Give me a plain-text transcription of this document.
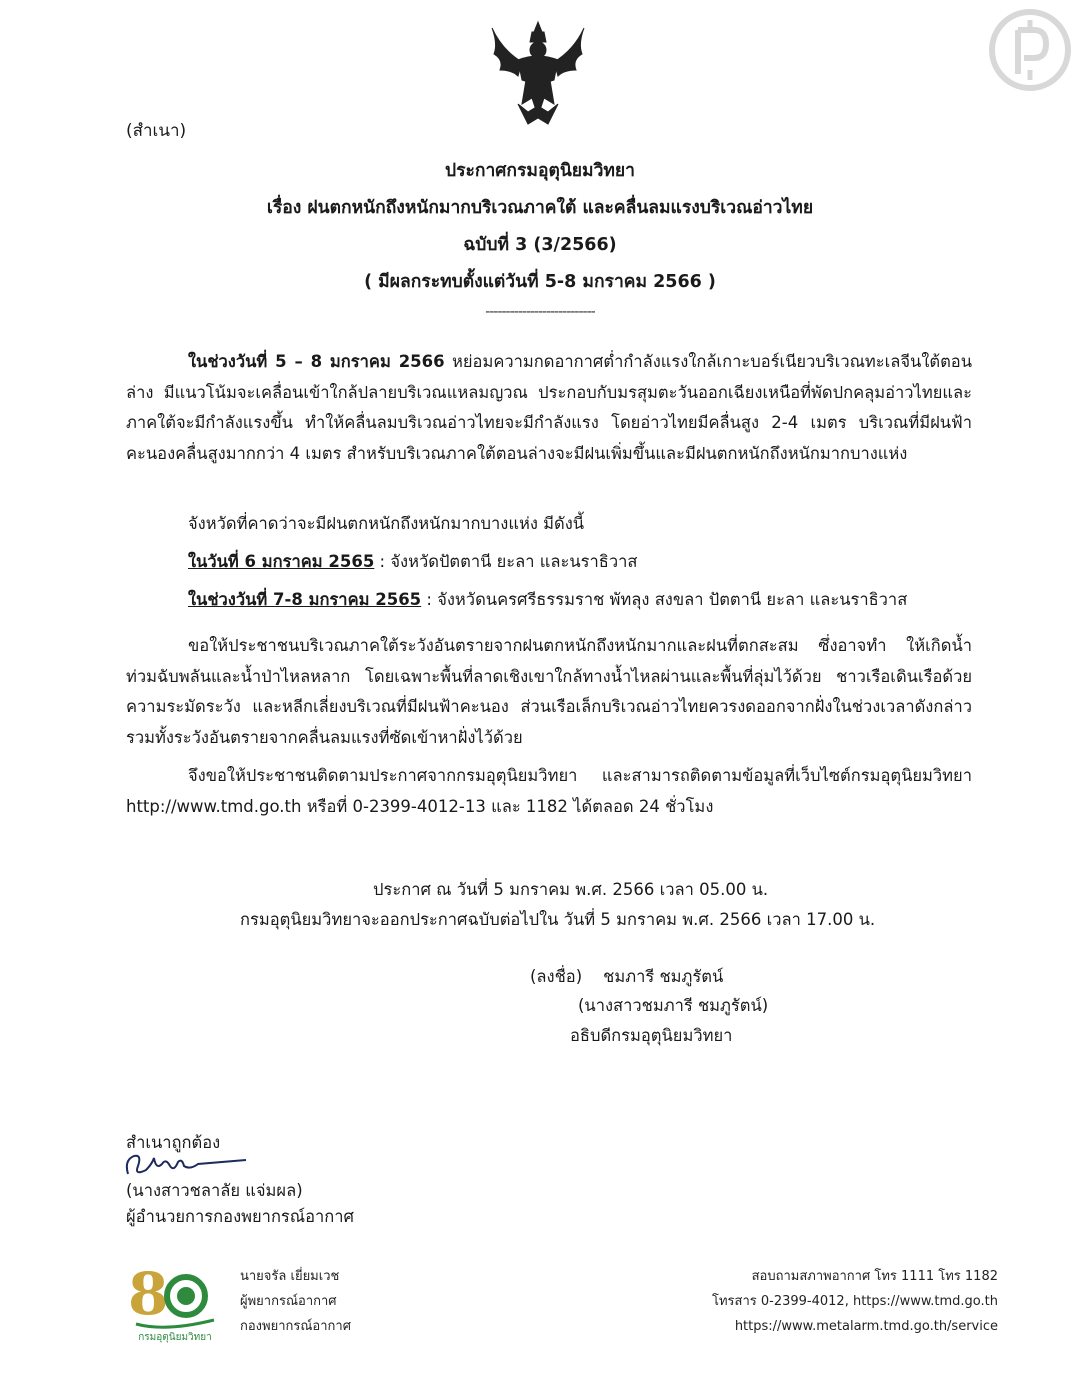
(สำเนา)
ประกาศกรมอุตุนิยมวิทยา
เรื่อง ฝนตกหนักถึงหนักมากบริเวณภาคใต้ และคลื่นลมแรงบริเวณอ่าวไทย
ฉบับที่ 3 (3/2566)
( มีผลกระทบตั้งแต่วันที่ 5-8 มกราคม 2566 )
---------------------------
ในช่วงวันที่ 5 – 8 มกราคม 2566 หย่อมความกดอากาศต่ำกำลังแรงใกล้เกาะบอร์เนียวบริเวณทะเลจีนใต้ตอนล่าง มีแนวโน้มจะเคลื่อนเข้าใกล้ปลายบริเวณแหลมญวณ ประกอบกับมรสุมตะวันออกเฉียงเหนือที่พัดปกคลุมอ่าวไทยและภาคใต้จะมีกำลังแรงขึ้น ทำให้คลื่นลมบริเวณอ่าวไทยจะมีกำลังแรง โดยอ่าวไทยมีคลื่นสูง 2-4 เมตร บริเวณที่มีฝนฟ้าคะนองคลื่นสูงมากกว่า 4 เมตร สำหรับบริเวณภาคใต้ตอนล่างจะมีฝนเพิ่มขึ้นและมีฝนตกหนักถึงหนักมากบางแห่ง
จังหวัดที่คาดว่าจะมีฝนตกหนักถึงหนักมากบางแห่ง มีดังนี้
ในวันที่ 6 มกราคม 2565 : จังหวัดปัตตานี ยะลา และนราธิวาส
ในช่วงวันที่ 7-8 มกราคม 2565 : จังหวัดนครศรีธรรมราช พัทลุง สงขลา ปัตตานี ยะลา และนราธิวาส
ขอให้ประชาชนบริเวณภาคใต้ระวังอันตรายจากฝนตกหนักถึงหนักมากและฝนที่ตกสะสม ซึ่งอาจทำ ให้เกิดน้ำท่วมฉับพลันและน้ำป่าไหลหลาก โดยเฉพาะพื้นที่ลาดเชิงเขาใกล้ทางน้ำไหลผ่านและพื้นที่ลุ่มไว้ด้วย ชาวเรือเดินเรือด้วยความระมัดระวัง และหลีกเลี่ยงบริเวณที่มีฝนฟ้าคะนอง ส่วนเรือเล็กบริเวณอ่าวไทยควรงดออกจากฝั่งในช่วงเวลาดังกล่าว รวมทั้งระวังอันตรายจากคลื่นลมแรงที่ซัดเข้าหาฝั่งไว้ด้วย
จึงขอให้ประชาชนติดตามประกาศจากกรมอุตุนิยมวิทยา และสามารถติดตามข้อมูลที่เว็บไซต์กรมอุตุนิยมวิทยา http://www.tmd.go.th หรือที่ 0-2399-4012-13 และ 1182 ได้ตลอด 24 ชั่วโมง
ประกาศ ณ วันที่ 5 มกราคม พ.ศ. 2566 เวลา 05.00 น.
กรมอุตุนิยมวิทยาจะออกประกาศฉบับต่อไปใน วันที่ 5 มกราคม พ.ศ. 2566 เวลา 17.00 น.
(ลงชื่อ)    ชมภารี ชมภูรัตน์
(นางสาวชมภารี ชมภูรัตน์)
อธิบดีกรมอุตุนิยมวิทยา
สำเนาถูกต้อง
(นางสาวชลาลัย แจ่มผล)
ผู้อำนวยการกองพยากรณ์อากาศ
8
กรมอุตุนิยมวิทยา
นายจรัล เยี่ยมเวช
ผู้พยากรณ์อากาศ
กองพยากรณ์อากาศ
สอบถามสภาพอากาศ โทร 1111 โทร 1182
โทรสาร 0-2399-4012, https://www.tmd.go.th
https://www.metalarm.tmd.go.th/service
